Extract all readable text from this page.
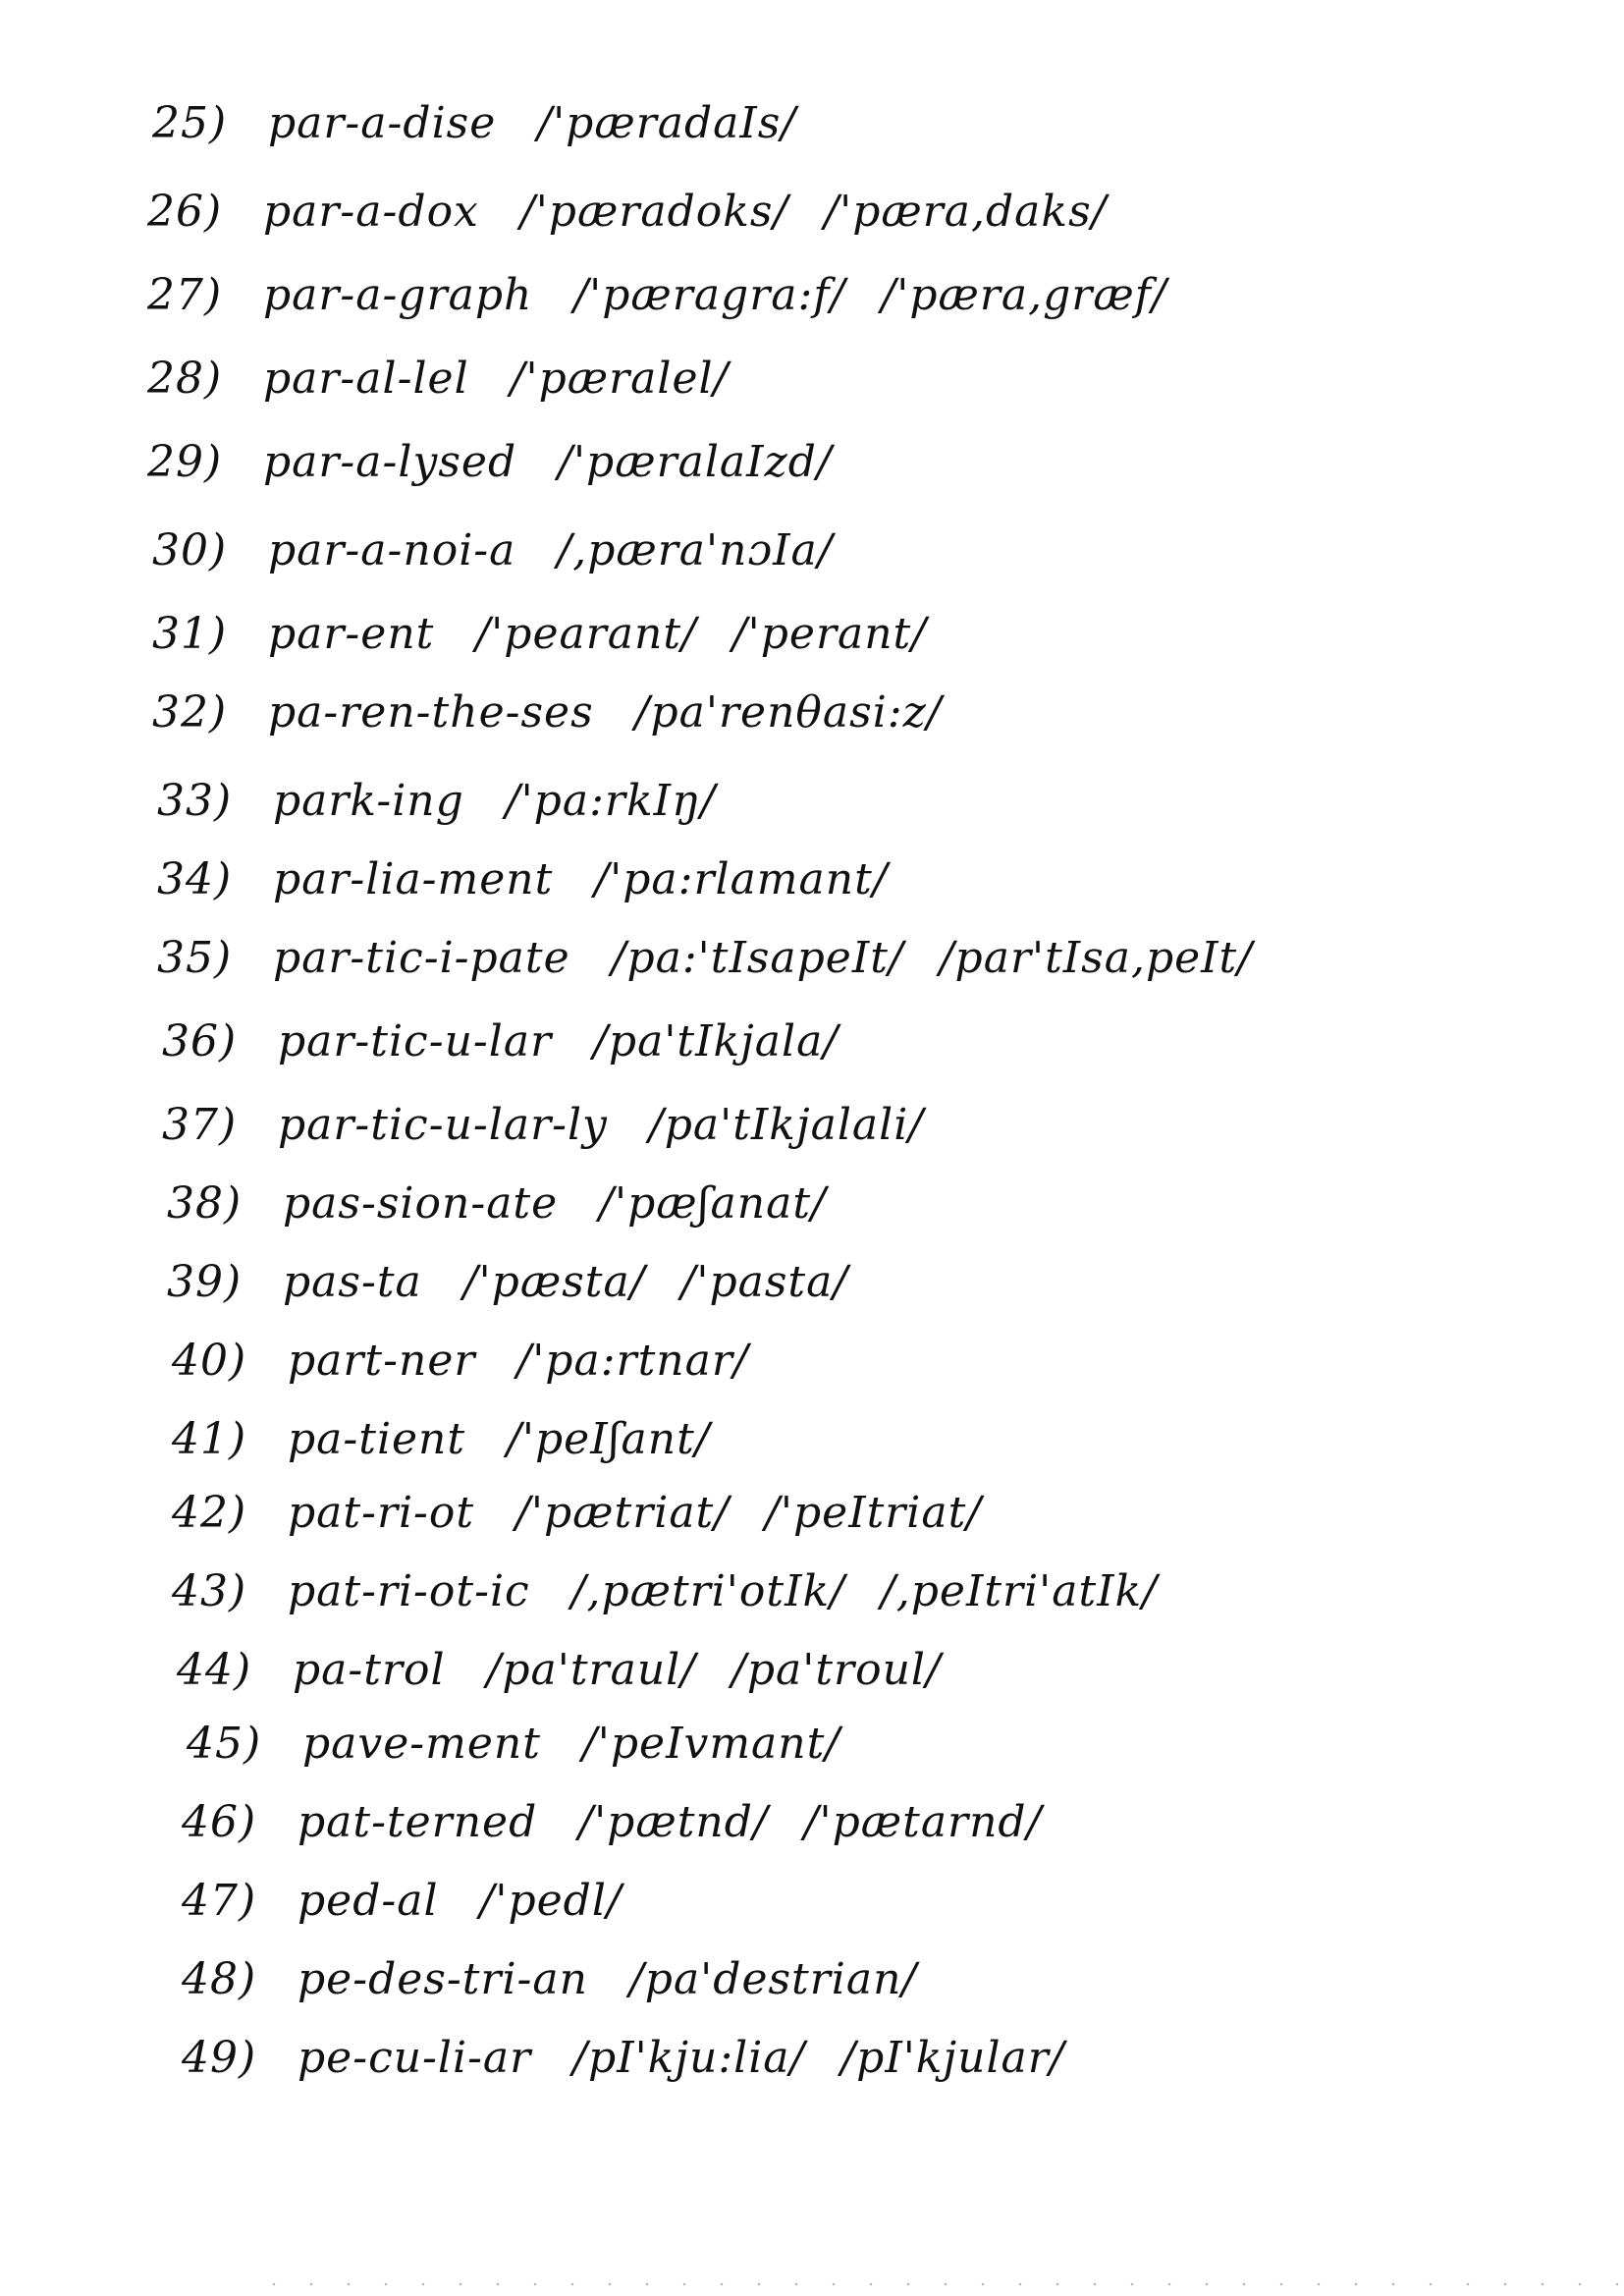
25) par-a-dise /'pæradaIs/
26) par-a-dox /'pæradoks/ /'pæra,daks/
27) par-a-graph /'pæragra:f/ /'pæra,græf/
28) par-al-lel /'pæralel/
29) par-a-lysed /'pæralaIzd/
30) par-a-noi-a /,pæra'nɔIa/
31) par-ent /'pearant/ /'perant/
32) pa-ren-the-ses /pa'renθasi:z/
33) park-ing /'pa:rkIŋ/
34) par-lia-ment /'pa:rlamant/
35) par-tic-i-pate /pa:'tIsapeIt/ /par'tIsa,peIt/
36) par-tic-u-lar /pa'tIkjala/
37) par-tic-u-lar-ly /pa'tIkjalali/
38) pas-sion-ate /'pæʃanat/
39) pas-ta /'pæsta/ /'pasta/
40) part-ner /'pa:rtnar/
41) pa-tient /'peIʃant/
42) pat-ri-ot /'pætriat/ /'peItriat/
43) pat-ri-ot-ic /,pætri'otIk/ /,peItri'atIk/
44) pa-trol /pa'traul/ /pa'troul/
45) pave-ment /'peIvmant/
46) pat-terned /'pætnd/ /'pætarnd/
47) ped-al /'pedl/
48) pe-des-tri-an /pa'destrian/
49) pe-cu-li-ar /pI'kju:lia/ /pI'kjular/
